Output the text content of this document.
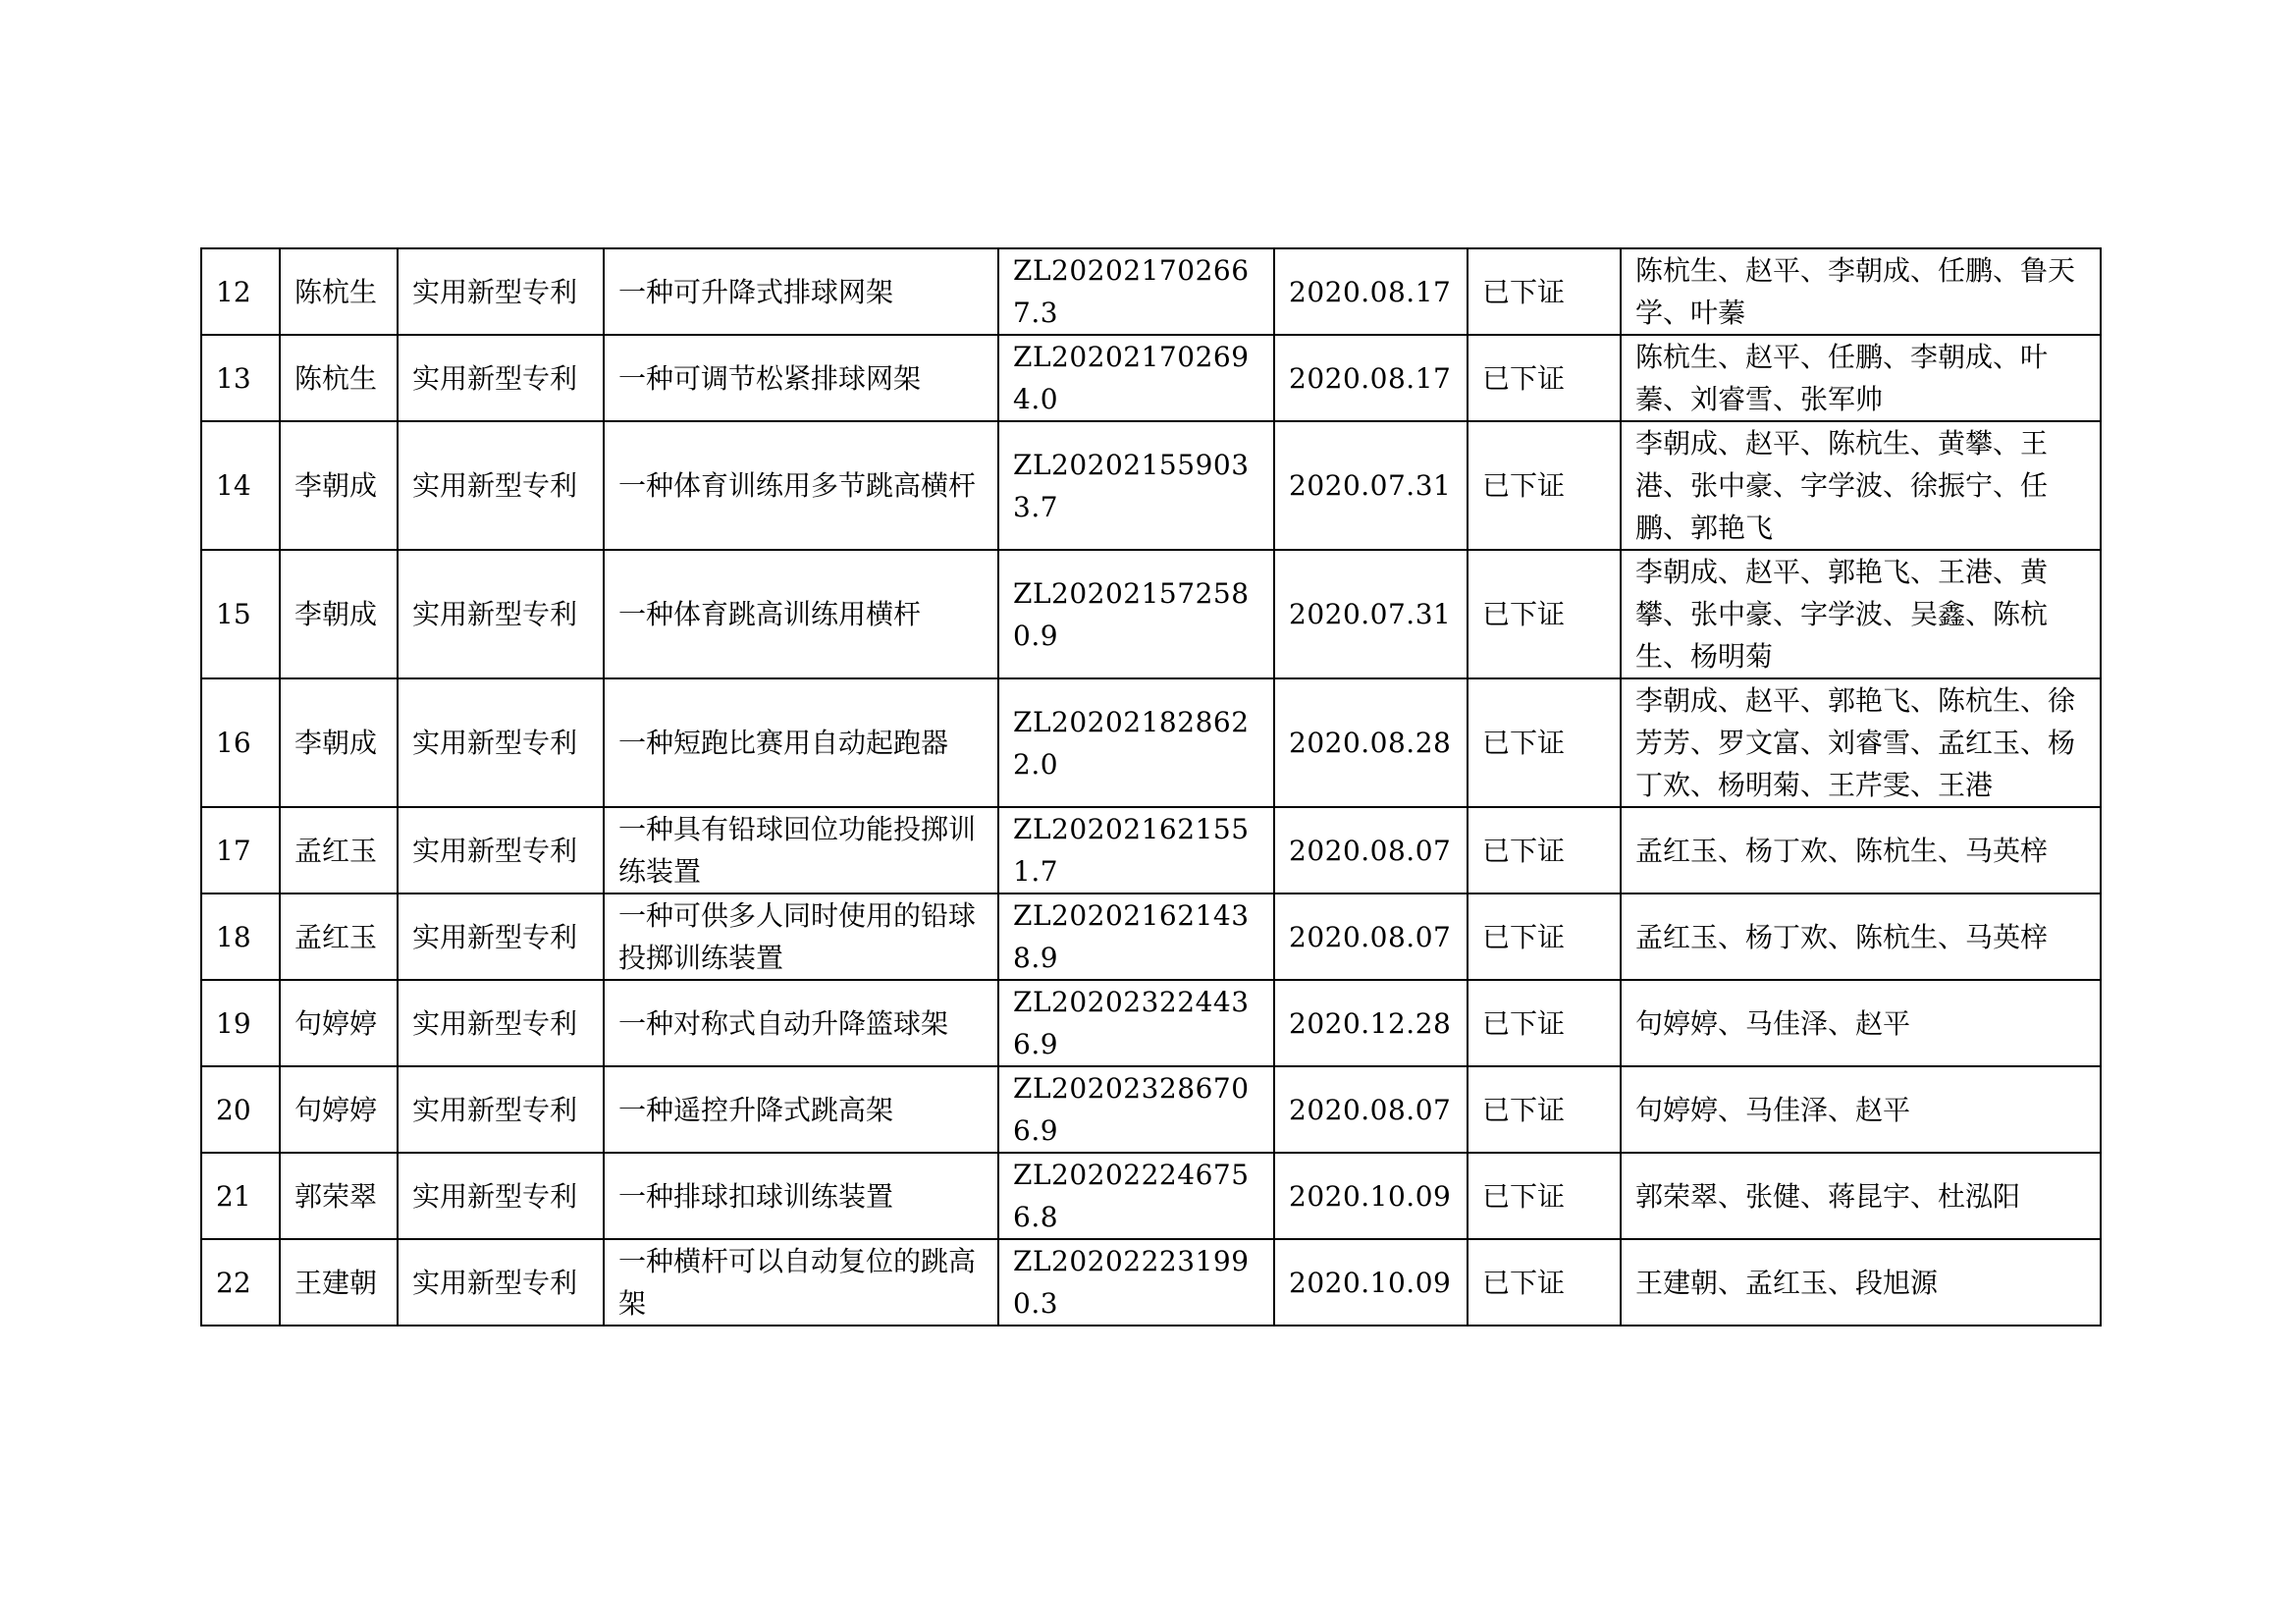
12	陈杭生	实用新型专利	一种可升降式排球网架	ZL202021702667.3	2020.08.17	已下证	陈杭生、赵平、李朝成、任鹏、鲁天学、叶蓁
13	陈杭生	实用新型专利	一种可调节松紧排球网架	ZL202021702694.0	2020.08.17	已下证	陈杭生、赵平、任鹏、李朝成、叶蓁、刘睿雪、张军帅
14	李朝成	实用新型专利	一种体育训练用多节跳高横杆	ZL202021559033.7	2020.07.31	已下证	李朝成、赵平、陈杭生、黄攀、王港、张中豪、字学波、徐振宁、任鹏、郭艳飞
15	李朝成	实用新型专利	一种体育跳高训练用横杆	ZL202021572580.9	2020.07.31	已下证	李朝成、赵平、郭艳飞、王港、黄攀、张中豪、字学波、吴鑫、陈杭生、杨明菊
16	李朝成	实用新型专利	一种短跑比赛用自动起跑器	ZL202021828622.0	2020.08.28	已下证	李朝成、赵平、郭艳飞、陈杭生、徐芳芳、罗文富、刘睿雪、孟红玉、杨丁欢、杨明菊、王芹雯、王港
17	孟红玉	实用新型专利	一种具有铅球回位功能投掷训练装置	ZL202021621551.7	2020.08.07	已下证	孟红玉、杨丁欢、陈杭生、马英梓
18	孟红玉	实用新型专利	一种可供多人同时使用的铅球投掷训练装置	ZL202021621438.9	2020.08.07	已下证	孟红玉、杨丁欢、陈杭生、马英梓
19	句婷婷	实用新型专利	一种对称式自动升降篮球架	ZL202023224436.9	2020.12.28	已下证	句婷婷、马佳泽、赵平
20	句婷婷	实用新型专利	一种遥控升降式跳高架	ZL202023286706.9	2020.08.07	已下证	句婷婷、马佳泽、赵平
21	郭荣翠	实用新型专利	一种排球扣球训练装置	ZL202022246756.8	2020.10.09	已下证	郭荣翠、张健、蒋昆宇、杜泓阳
22	王建朝	实用新型专利	一种横杆可以自动复位的跳高架	ZL202022231990.3	2020.10.09	已下证	王建朝、孟红玉、段旭源
